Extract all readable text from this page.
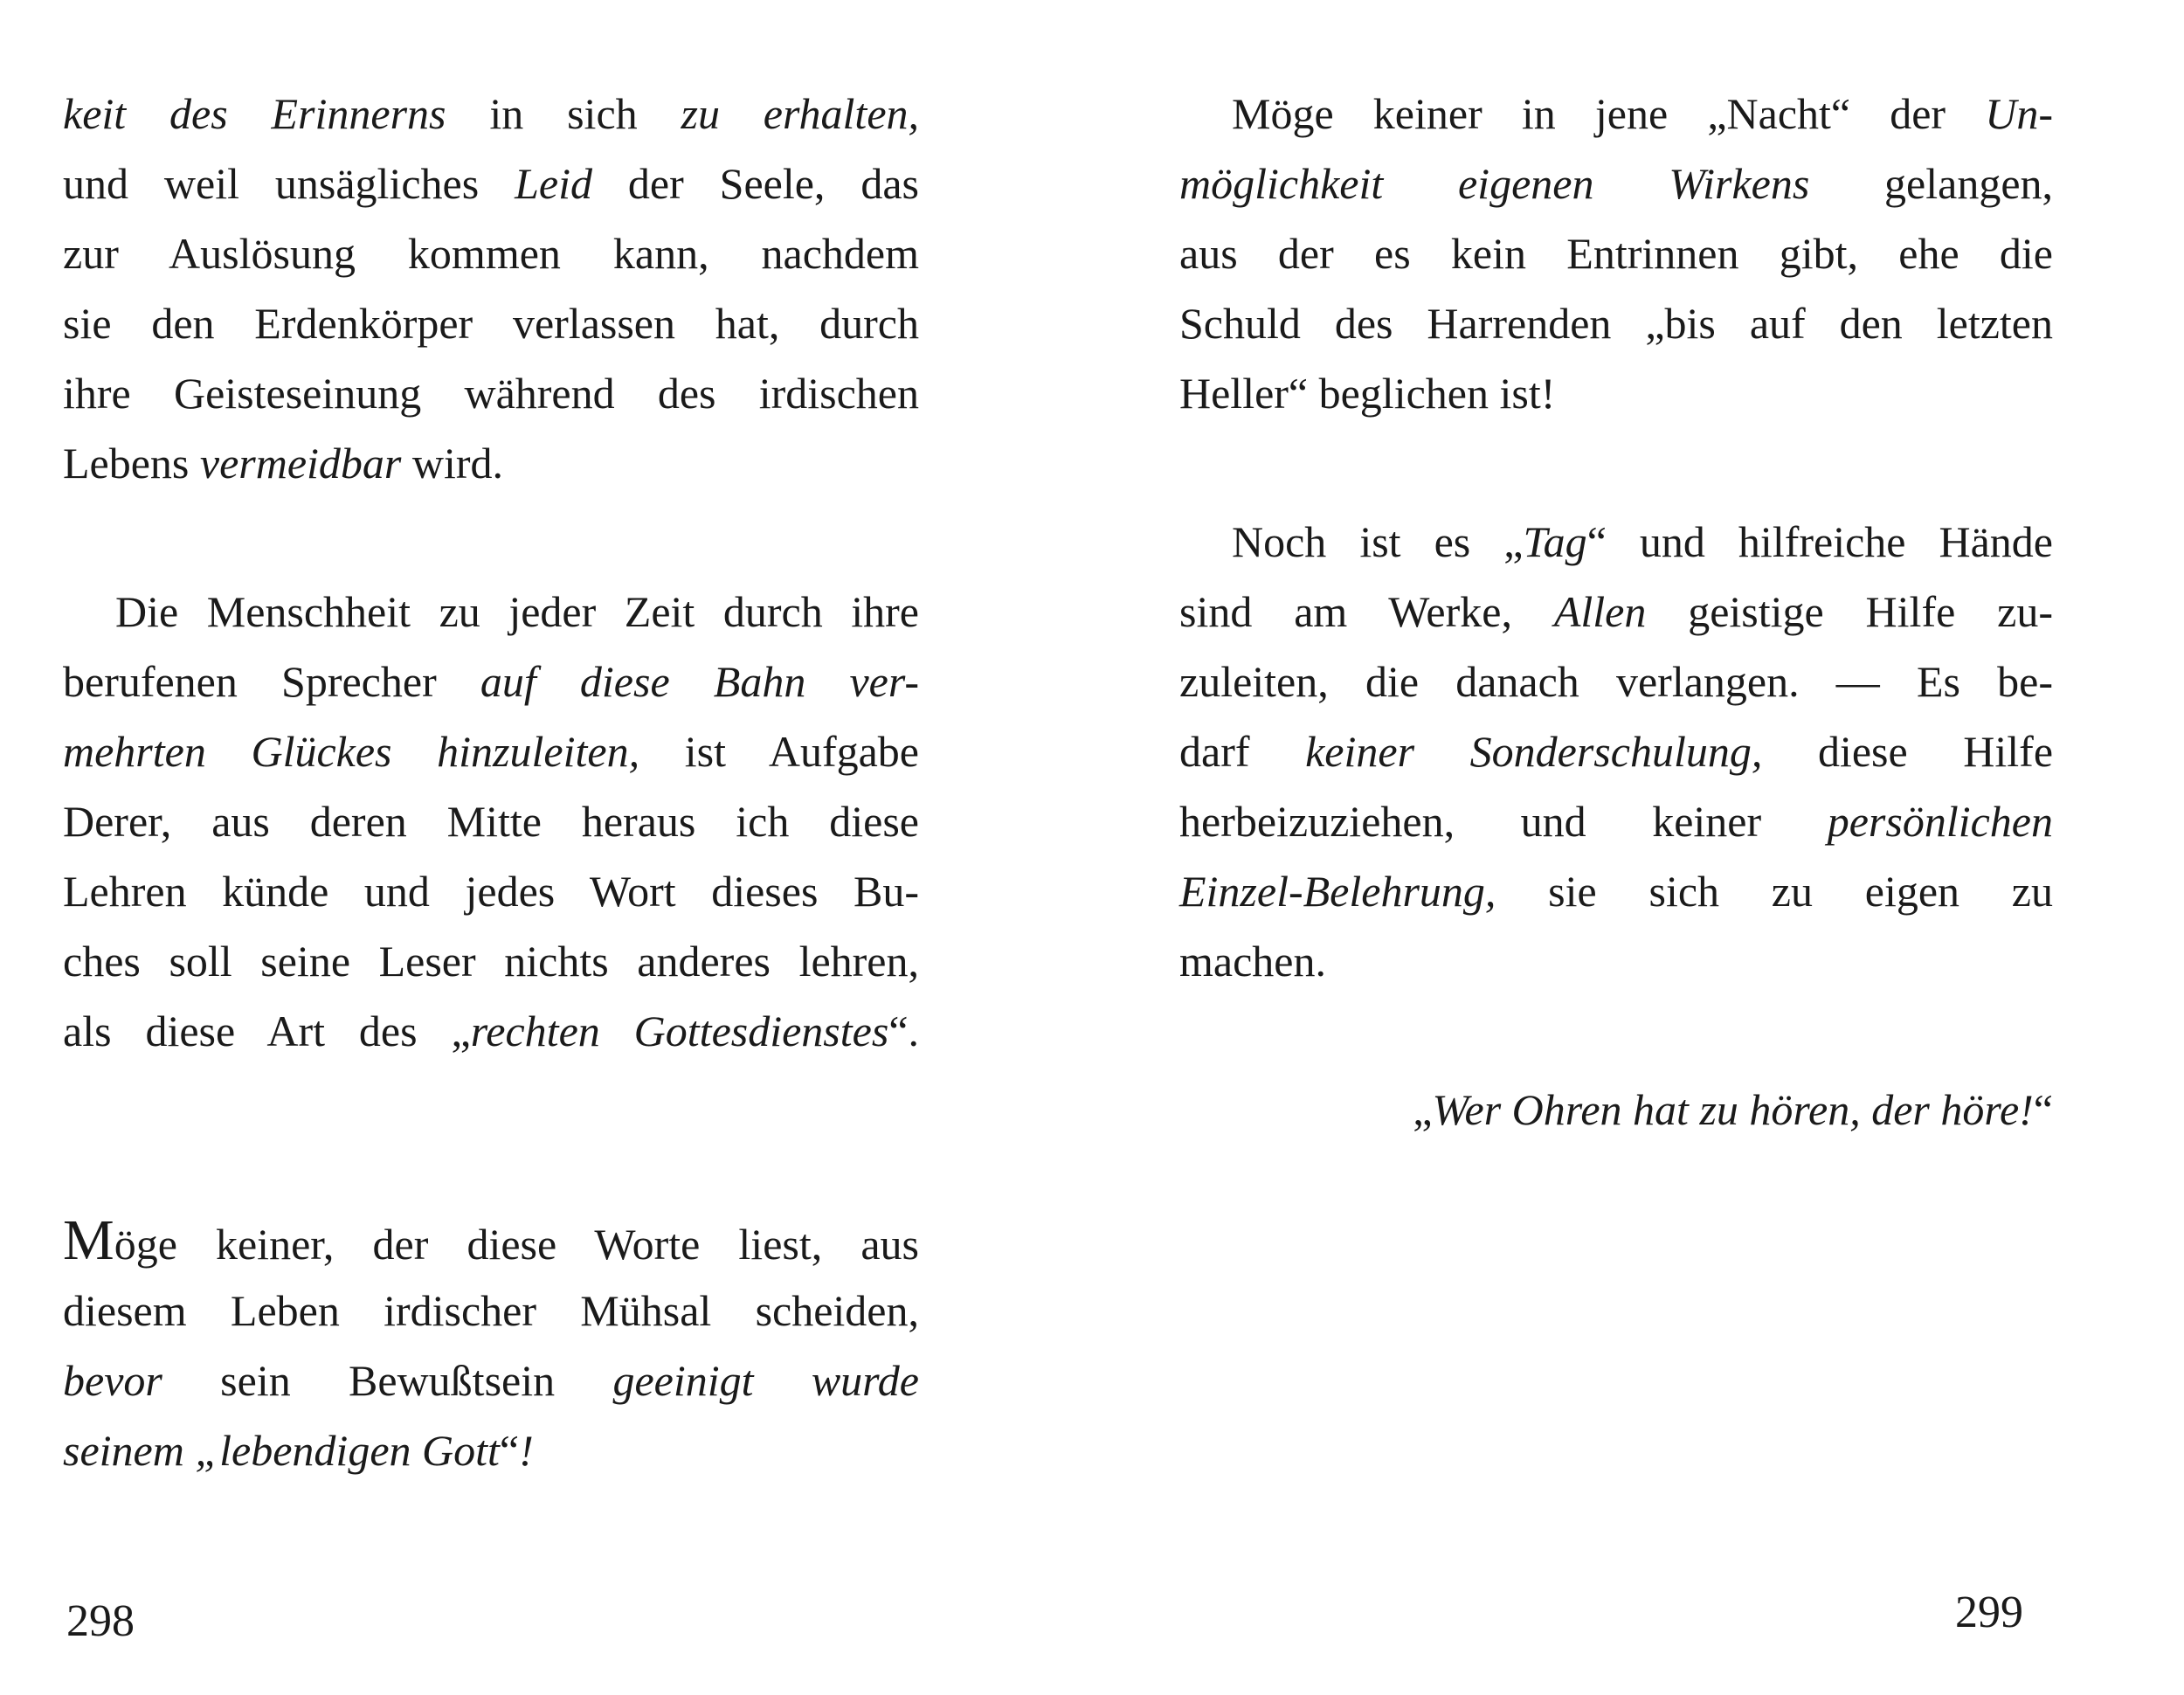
keit des Erinnerns in sich zu erhalten,
und weil unsägliches Leid der Seele, das
zur Auslösung kommen kann, nachdem
sie den Erdenkörper verlassen hat, durch
ihre Geisteseinung während des irdischen
Lebens vermeidbar wird.
Die Menschheit zu jeder Zeit durch ihre
berufenen Sprecher auf diese Bahn ver-
mehrten Glückes hinzuleiten, ist Aufgabe
Derer, aus deren Mitte heraus ich diese
Lehren künde und jedes Wort dieses Bu-
ches soll seine Leser nichts anderes lehren,
als diese Art des „rechten Gottesdienstes“.
Möge keiner, der diese Worte liest, aus
diesem Leben irdischer Mühsal scheiden,
bevor sein Bewußtsein geeinigt wurde
seinem „lebendigen Gott“!
298
Möge keiner in jene „Nacht“ der Un-
möglichkeit eigenen Wirkens gelangen,
aus der es kein Entrinnen gibt, ehe die
Schuld des Harrenden „bis auf den letzten
Heller“ beglichen ist!
Noch ist es „Tag“ und hilfreiche Hände
sind am Werke, Allen geistige Hilfe zu-
zuleiten, die danach verlangen. — Es be-
darf keiner Sonderschulung, diese Hilfe
herbeizuziehen, und keiner persönlichen
Einzel-Belehrung, sie sich zu eigen zu
machen.
„Wer Ohren hat zu hören, der höre!“
299
